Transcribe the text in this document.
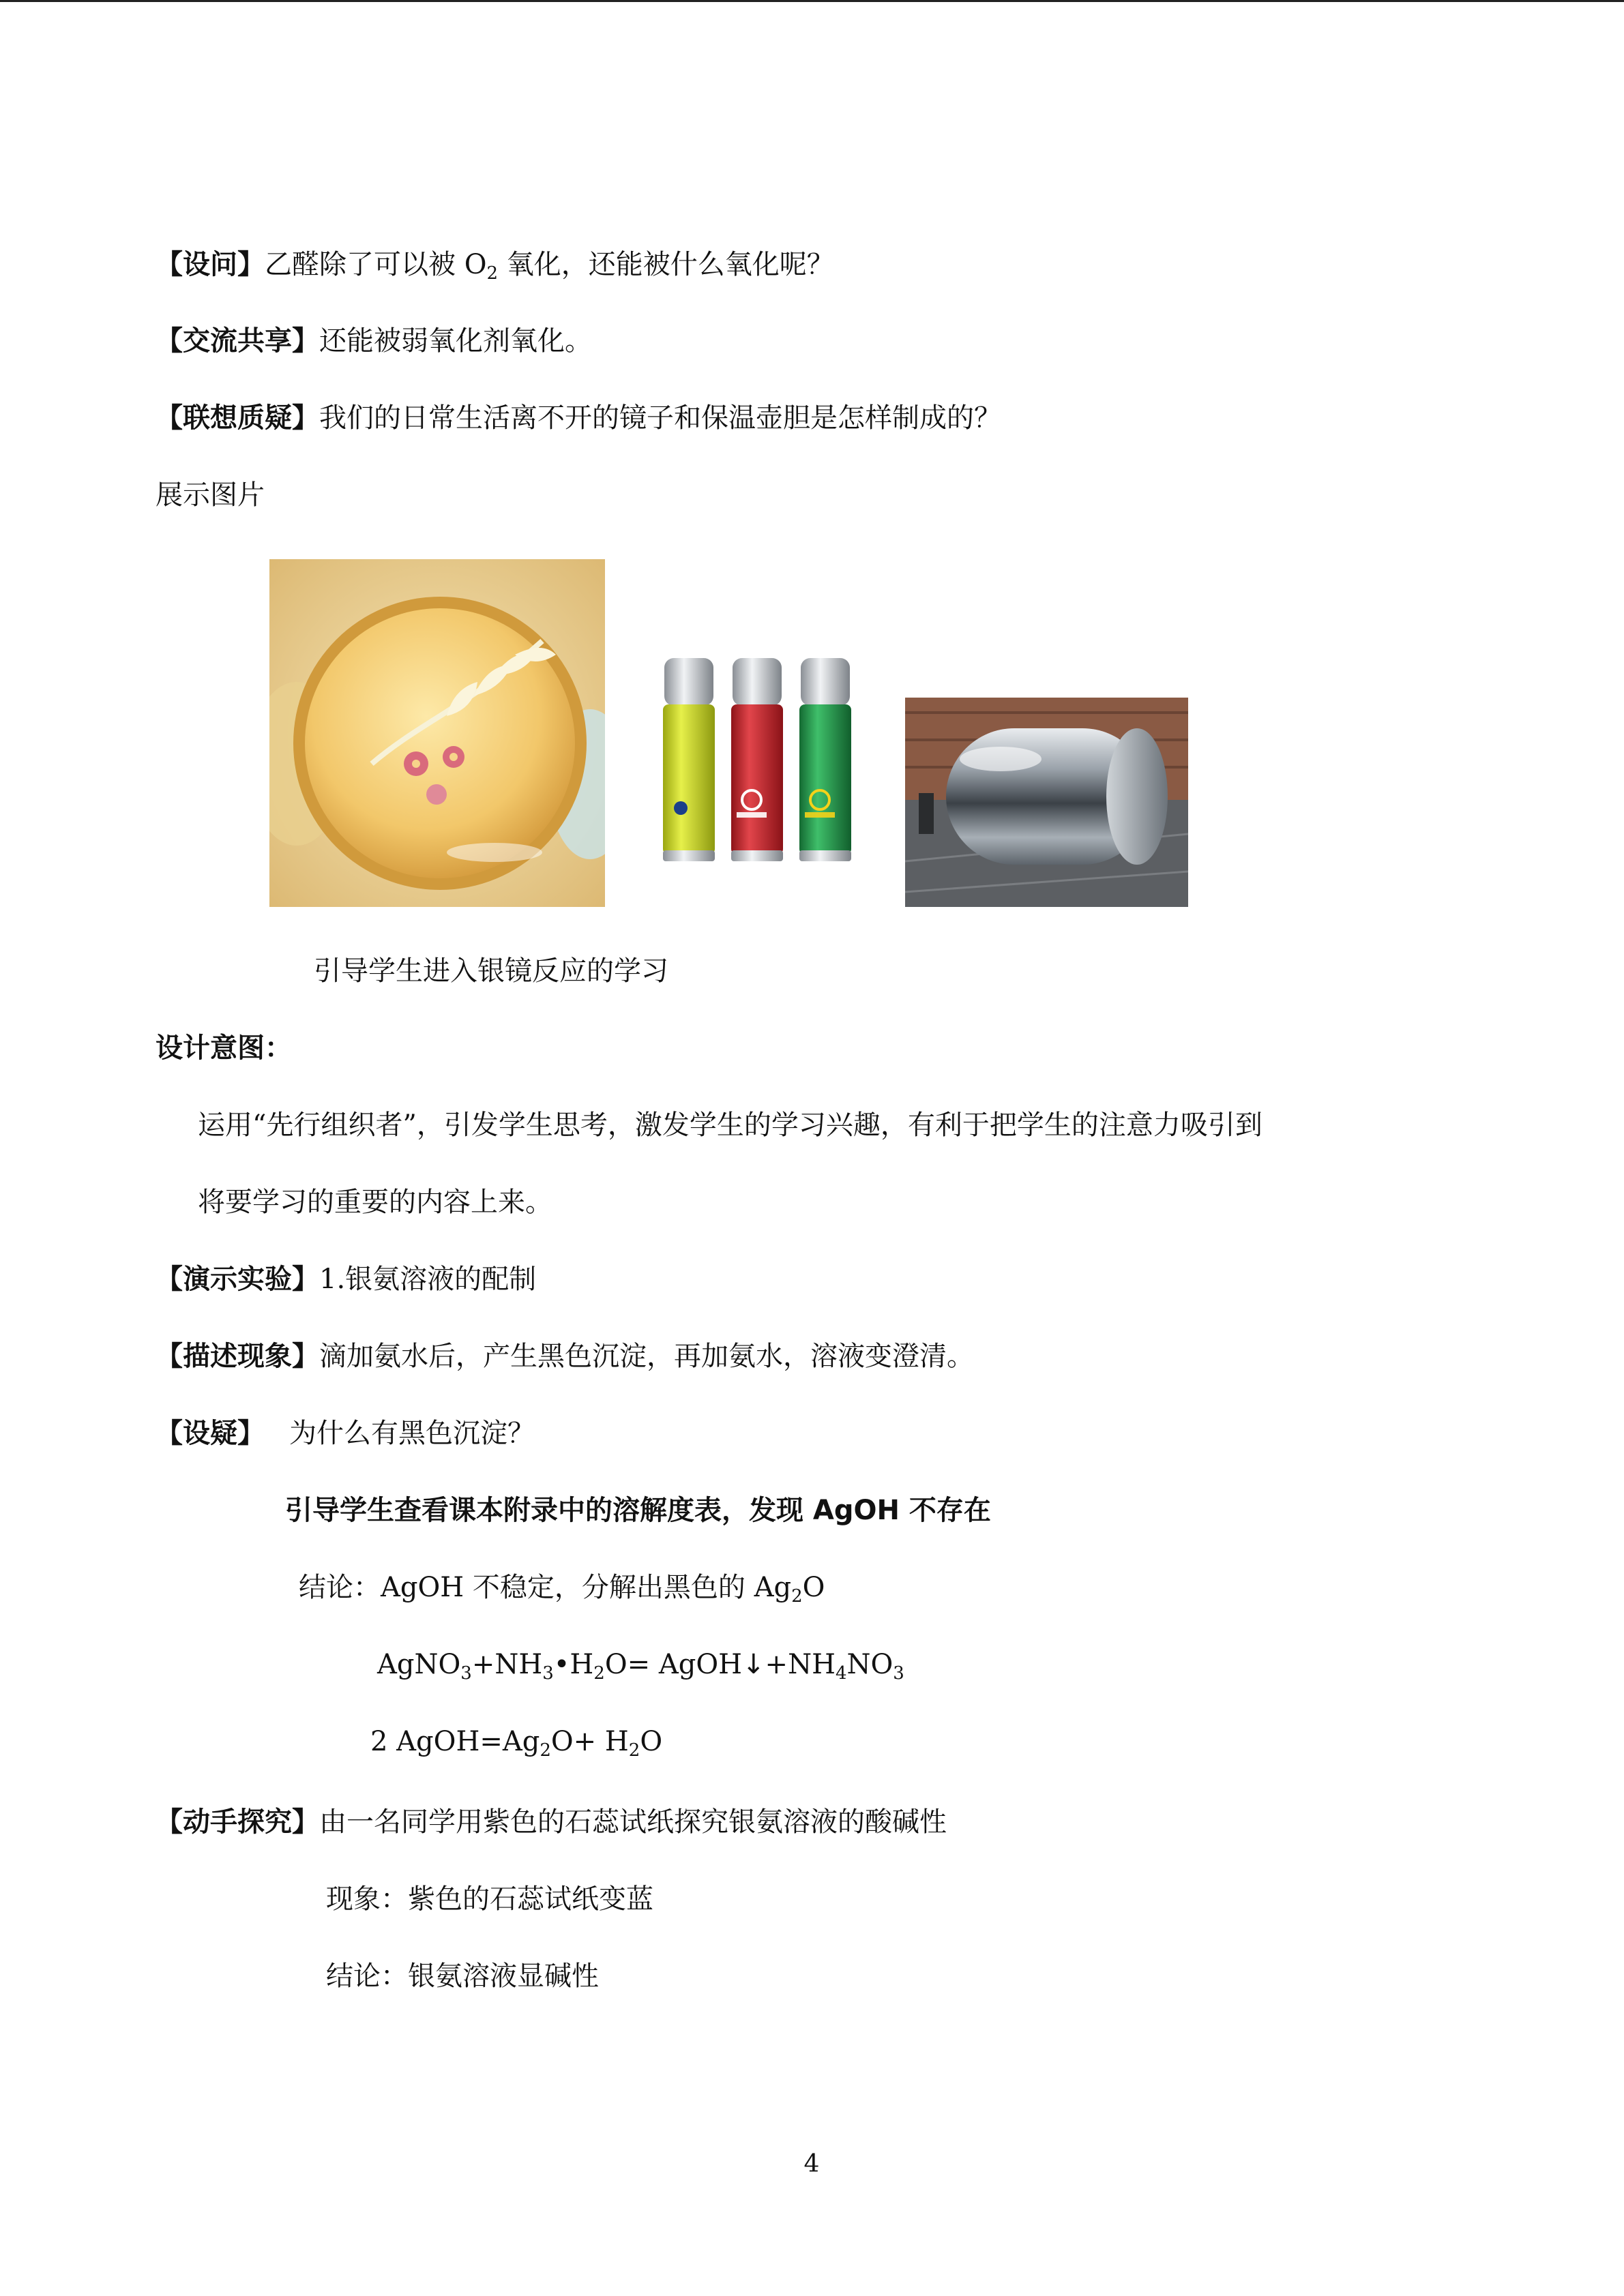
【设问】乙醛除了可以被 $O_2$ 氧化，还能被什么氧化呢？
【交流共享】还能被弱氧化剂氧化。
【联想质疑】我们的日常生活离不开的镜子和保温壶胆是怎样制成的？
展示图片
引导学生进入银镜反应的学习
设计意图：
运用“先行组织者”，引发学生思考，激发学生的学习兴趣，有利于把学生的注意力吸引到
将要学习的重要的内容上来。
【演示实验】1.银氨溶液的配制
【描述现象】滴加氨水后，产生黑色沉淀，再加氨水，溶液变澄清。
【设疑】 为什么有黑色沉淀？
引导学生查看课本附录中的溶解度表，发现 AgOH 不存在
结论：AgOH 不稳定，分解出黑色的 $Ag_2O$
$AgNO_3+NH_3•H_2O=$ $AgOH↓+NH_4NO_3$
2 $AgOH=Ag_2O+ H_2O$
【动手探究】由一名同学用紫色的石蕊试纸探究银氨溶液的酸碱性
现象：紫色的石蕊试纸变蓝
结论：银氨溶液显碱性
4
